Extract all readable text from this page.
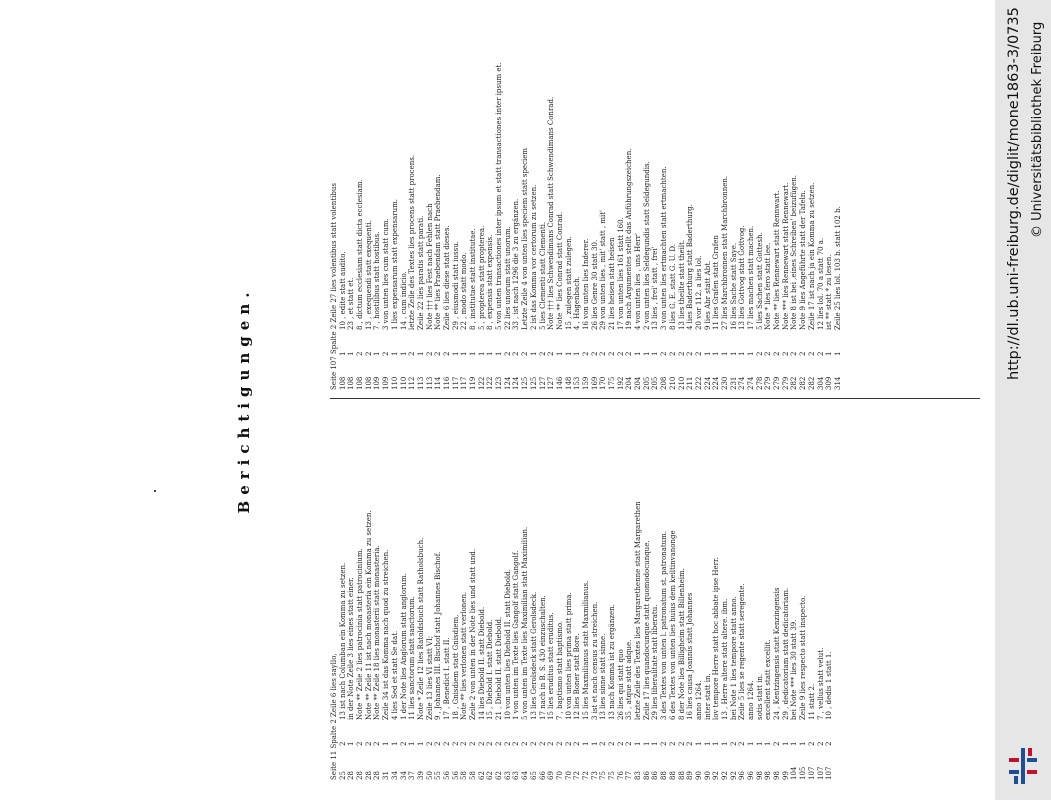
Berichtigungen.
Seite 11 Spalte 2 Zeile 6 lies sayllo, 25213 ist nach Columban ein Komma zu setzen.
281in der Note Zeile 3 lies eines statt einer.
282Note ** Zeile 2 lies patrocinia statt patrocinium.
282Note ** Zeile 11 ist nach monasteria ein Komma zu setzen.
282Note ** Zeile 18 lies monasterii statt monasteria.
311Zeile 34 ist das Komma nach quod zu streichen.
3414 lies Sed et statt Se dat.
3421 der Note lies Anglorum statt anglorum.
37111 lies sanctorum statt sanctorum.
391Note * Zeile 12 lies Ratoldsbuch statt Ratholsbuch.
502Zeile 13 lies VI statt VI;
5529 , Johannes III. Bischof statt Johannes Bischof.
56217 , Benedict I. statt II.
56218 , Gnisdiem statt Gnisdiem,
582Note ** lies verlonen statt verlonen.
582Zeile 2 von unten in der Note lies und statt und.
62214 lies Diebold II. statt Diebold.
62215 , Diebold I. statt Diebold.
62221 , Diebold II. statt Diebold.
63210 von unten lies Diebold II. statt Diebold.
6321 von unten im Texte lies Gangolf statt Gangolf.
6425 von unten im Texte lies Maximilian statt Maximilian.
65213 lies Gerolsdeck statt Gerolsdeck.
66217 nach in B. S. 430 einzuschalten.
69215 lies eruditus statt eruditus.
7027 , baptismo statt baptismo.
70210 von unten lies prima statt prima.
72212 lies Boner statt Bore.
72115 lies Maxmilianus statt Maxmilianus.
7313 ist et nach census zu streichen.
75213 lies sinne statt sinne.
75213 nach Komma ist zu ergänzen.
76226 lies qui statt quo
77235 , atque statt adque.
831letzte Zeile des Textes lies Margarethenne statt Margarethen
861Zeile 17 lies quandocunque statt quomodocunque.
86129 lies liberalitate statt liberatu.
8823 des Textes von unten l. patronatum st. patronatum.
8826 des Textes von unten lies huius dem keiltinvanonge
8828 der Note lies Billigheim statt Billenheim.
89216 lies causa Joannis statt Johannes
901anno 1264.
901inter statt in.
921lov tempore Herre statt hoc abbate ipse Herr.
92113 , Herre altere statt altere. ibm.
922bei Note 1 lies tempore statt anno.
962Zeile 5 lies se regente statt seregente.
961anno 1264.
981sotis statt in.
981excellent statt excellit.
98224 , Kentzingensis statt Kenzingensis
99129 , dedicatoriam statt dedicatoriam.
1041bei Note *** lies 30 statt 39.
1051Zeile 9 lies respecto statt inspecto.
107211 statt 2.
10727 , vellus statt velut.
107210 , dedis 1 statt 1.
Seite 107 Spalte 2 Zeile 27 lies volentibus statt volentibus 108110 , edite statt audito.
108123 , et statt et.
10828 , dictum ecclesiam statt dicta ecclesiam.
108213 , exequendi statt exequenti.
10917 , hostilibus statt hostibus.
10923 von unten lies cum statt cum.
11011 lies expensarum statt expensarum.
110114 , cum indicio.
1122letzte Zeile des Textes lies procens statt procens.
1131Zeile 22 lies paratis statt parati.
1132Note ††† lies Fest nach Fehlen nach
1142Note ** lies Praebendam statt Praebendam.
1162Zeile 6 lies diese statt dieses.
117129 , eiusmodi statt iussu.
117122 , modo statt modo.
11918 , institutae statt institutae.
12215 , propterea statt propterea.
12218 , expensis statt expensis.
12315 von unten transactiones inter ipsum et statt transactiones inter ipsum et.
124222 lies unorum statt unorum.
124233 , ist nach 1296 die 3 zu ergänzen.
1252Letzte Zeile 4 von unten lies speciem statt speciem
12512 ist das Komma vor certorum zu setzen.
12725 lies Clementi statt Clementi.
1272Note ††† lies Schwendimans Conrad statt Schwendimans Conrad.
1461Note ** lies Conrad statt Conrad.
148115 , zulegen statt zulegen.
15314 , Hagenbach.
159216 von unten lies Inderer.
169226 lies Genre 30 statt 30.
170229 von unten lies , mit' statt , mit'
175221 lies heisen statt heisen
192217 von unten lies 161 statt 160.
204219 nach Argumentes stellt das Anführungszeichen.
20414 von unten lies , uns Herr'
20512 von unten lies Seldegundis statt Seldegundis.
205113 lies , frei' statt , frei'
20823 von unten lies ertmachten statt ertmachten.
21028 lies G. E. statt G. U. D.
210213 lies theilte statt theilt.
21124 lies Baderthurg statt Baderthurg.
222220 vor 112, a lies lol.
22419 lies Abr statt Abt.
224111 lies Grafen statt Grafen
230127 lies Marchbronnen statt Marchbronnen.
231116 lies Sache statt Saye.
274113 lies Gottvog statt Gottvog.
274117 lies machen statt machen.
27825 lies Sachen statt Gottesh.
2792Note * lies fero statt lee.
2792Note ** lies Rennewart statt Rennwart.
2792Note *** lies Rennewart statt Rennewart.
2822Note 8 ist bei ,eines Schreiben' beizufügen.
2822Note 9 lies Angeführte statt der Tafeln.
2822Zeile 17 ist nach ja ein Komma zu setzen.
304212 lies lol. 70 a statt 70 a.
3091ist ** statt * zu lesen.
3141Zeile 25 lies lol. 103 b. statt 102 b.	http://dl.ub.uni-freiburg.de/diglit/mone1863-3/0735 © Universitätsbibliothek Freiburg
